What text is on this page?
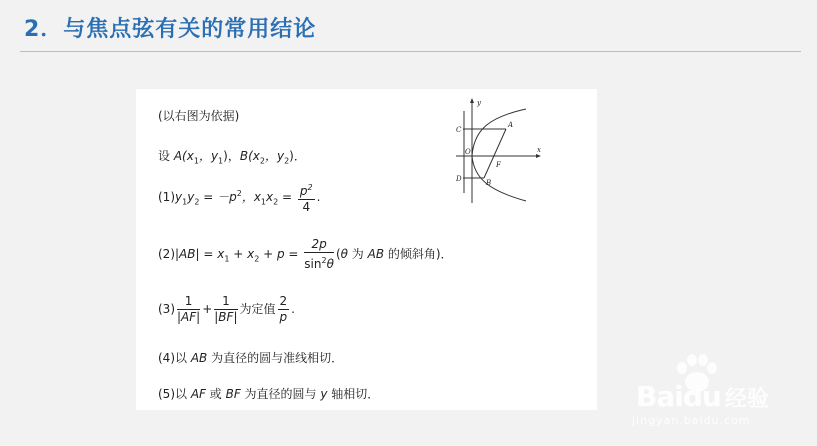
2．与焦点弦有关的常用结论
(以右图为依据)
设 $A(x_1$，$y_1$)，$B(x_2$，$y_2$)．
$(1)y_1y_2 = -p^2$，$x_1x_2 = \frac{p^2}{4}$ .
$(2)|AB| = x_1 + x_2 + p = \frac{2p}{\sin^2\theta} (\theta$ 为 AB 的倾斜角)．
$(3) \frac{1}{|AF|} + \frac{1}{|BF|}$ 为定值 $\frac{2}{p}$ .
(4)以 AB 为直径的圆与准线相切．
(5)以 AF 或 BF 为直径的圆与 y 轴相切．
y
x
O
C
A
D	B
F
Baidu 经验
jingyan.baidu.com
